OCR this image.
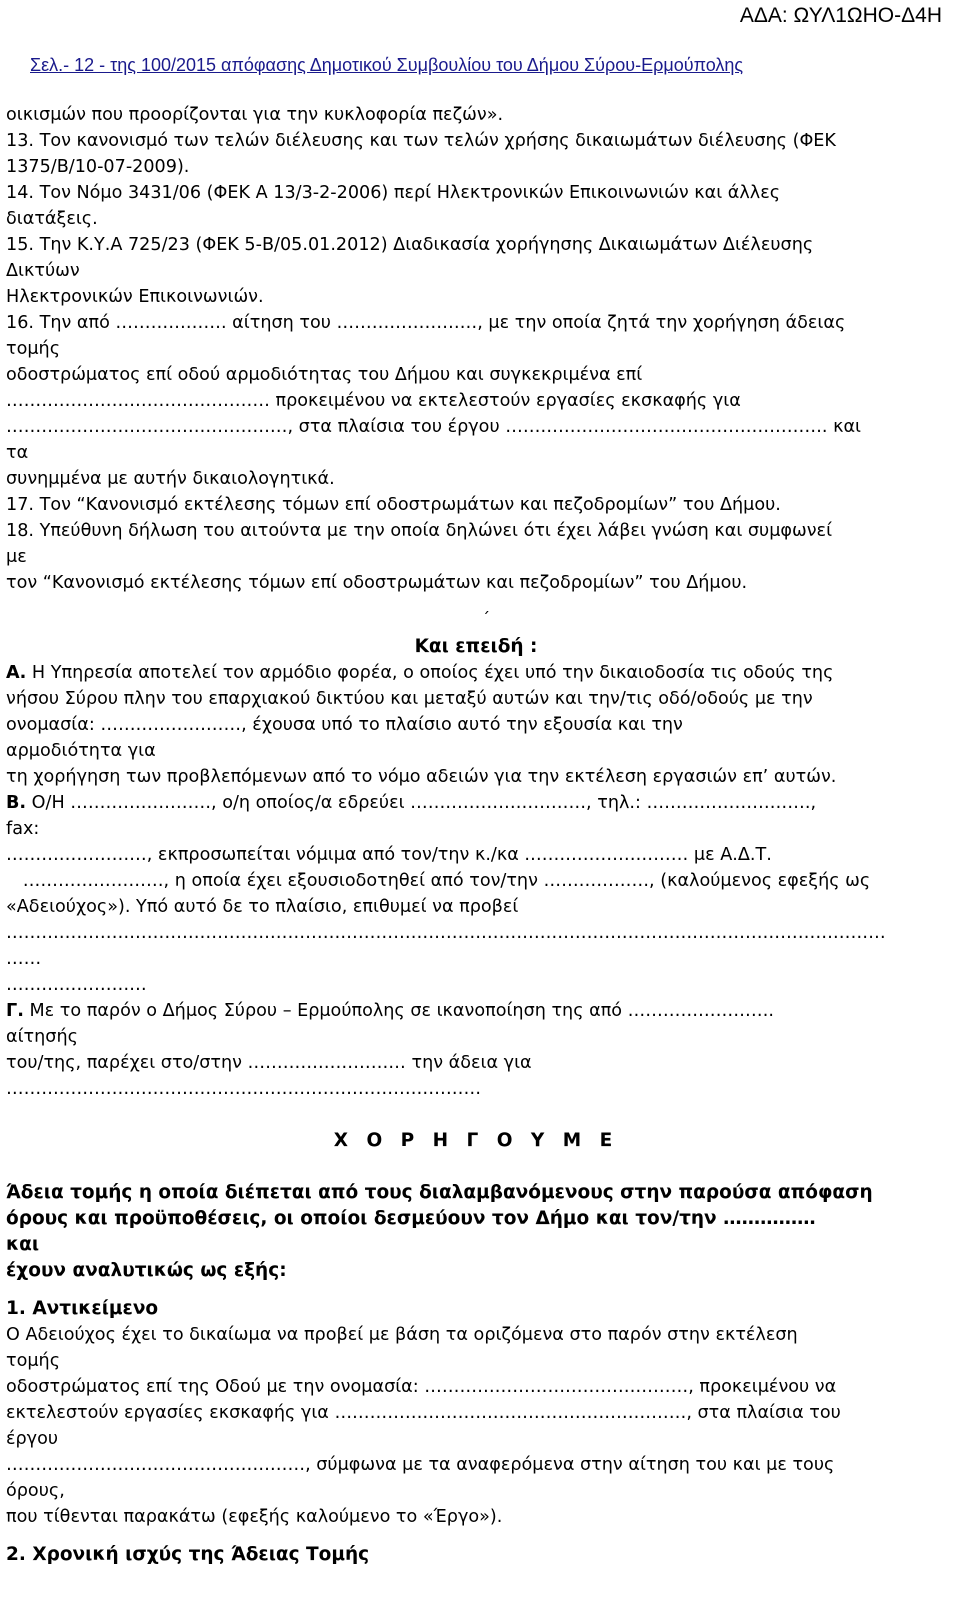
ΑΔΑ: ΩΥΛ1ΩΗΟ-Δ4Η
Σελ.- 12 - της 100/2015 απόφασης Δημοτικού Συμβουλίου του Δήμου Σύρου-Ερμούπολης

οικισμών που προορίζονται για την κυκλοφορία πεζών».

13. Τον κανονισμό των τελών διέλευσης και των τελών χρήσης δικαιωμάτων διέλευσης (ΦΕΚ

1375/Β/10-07-2009).

14. Τον Νόμο 3431/06 (ΦΕΚ Α 13/3-2-2006) περί Ηλεκτρονικών Επικοινωνιών και άλλες

διατάξεις.

15. Την Κ.Υ.Α 725/23 (ΦΕΚ 5-Β/05.01.2012) Διαδικασία χορήγησης Δικαιωμάτων Διέλευσης

Δικτύων

Ηλεκτρονικών Επικοινωνιών.

16. Την από ………………. αίτηση του ……………………, με την οποία ζητά την χορήγηση άδειας

τομής

οδοστρώματος επί οδού αρμοδιότητας του Δήμου και συγκεκριμένα επί

……………………………………… προκειμένου να εκτελεστούν εργασίες εκσκαφής για

…………………………………………, στα πλαίσια του έργου ………………………………………………. και

τα

συνημμένα με αυτήν δικαιολογητικά.

17. Τον “Κανονισμό εκτέλεσης τόμων επί οδοστρωμάτων και πεζοδρομίων” του Δήμου.

18. Υπεύθυνη δήλωση του αιτούντα με την οποία δηλώνει ότι έχει λάβει γνώση και συμφωνεί

με

τον “Κανονισμό εκτέλεσης τόμων επί οδοστρωμάτων και πεζοδρομίων” του Δήμου.

΄

Και επειδή :

Α. Η Υπηρεσία αποτελεί τον αρμόδιο φορέα, ο οποίος έχει υπό την δικαιοδοσία τις οδούς της

νήσου Σύρου πλην του επαρχιακού δικτύου και μεταξύ αυτών και την/τις οδό/οδούς με την

ονομασία: ……………………, έχουσα υπό το πλαίσιο αυτό την εξουσία και την

αρμοδιότητα για

τη χορήγηση των προβλεπόμενων από το νόμο αδειών για την εκτέλεση εργασιών επ’ αυτών.

Β. Ο/Η ……………………, ο/η οποίος/α εδρεύει …………………………, τηλ.: ……………………….,

fax:

……………………, εκπροσωπείται νόμιμα από τον/την κ./κα .……………………… με Α.Δ.Τ.

……………………, η οποία έχει εξουσιοδοτηθεί από τον/την ………………, (καλούμενος εφεξής ως

«Αδειούχος»). Υπό αυτό δε το πλαίσιο, επιθυμεί να προβεί

……………………………………………………………………………………………………………………………………

……

……………………

Γ. Με το παρόν ο Δήμος Σύρου – Ερμούπολης σε ικανοποίηση της από …………………….

αίτησής

του/της, παρέχει στο/στην ……………………… την άδεια για

………………………………………………………………………

Χ Ο Ρ Η Γ Ο Υ Μ Ε

Άδεια τομής η οποία διέπεται από τους διαλαμβανόμενους στην παρούσα απόφαση

όρους και προϋποθέσεις, οι οποίοι δεσμεύουν τον Δήμο και τον/την ……………

και

έχουν αναλυτικώς ως εξής:

1. Αντικείμενο

Ο Αδειούχος έχει το δικαίωμα να προβεί με βάση τα οριζόμενα στο παρόν στην εκτέλεση

τομής

οδοστρώματος επί της Οδού με την ονομασία: ………………………………………, προκειμένου να

εκτελεστούν εργασίες εκσκαφής για ……………………………………………………, στα πλαίσια του

έργου

……………………………………………, σύμφωνα με τα αναφερόμενα στην αίτηση του και με τους

όρους,

που τίθενται παρακάτω (εφεξής καλούμενο το «Έργο»).

2. Χρονική ισχύς της Άδειας Τομής
